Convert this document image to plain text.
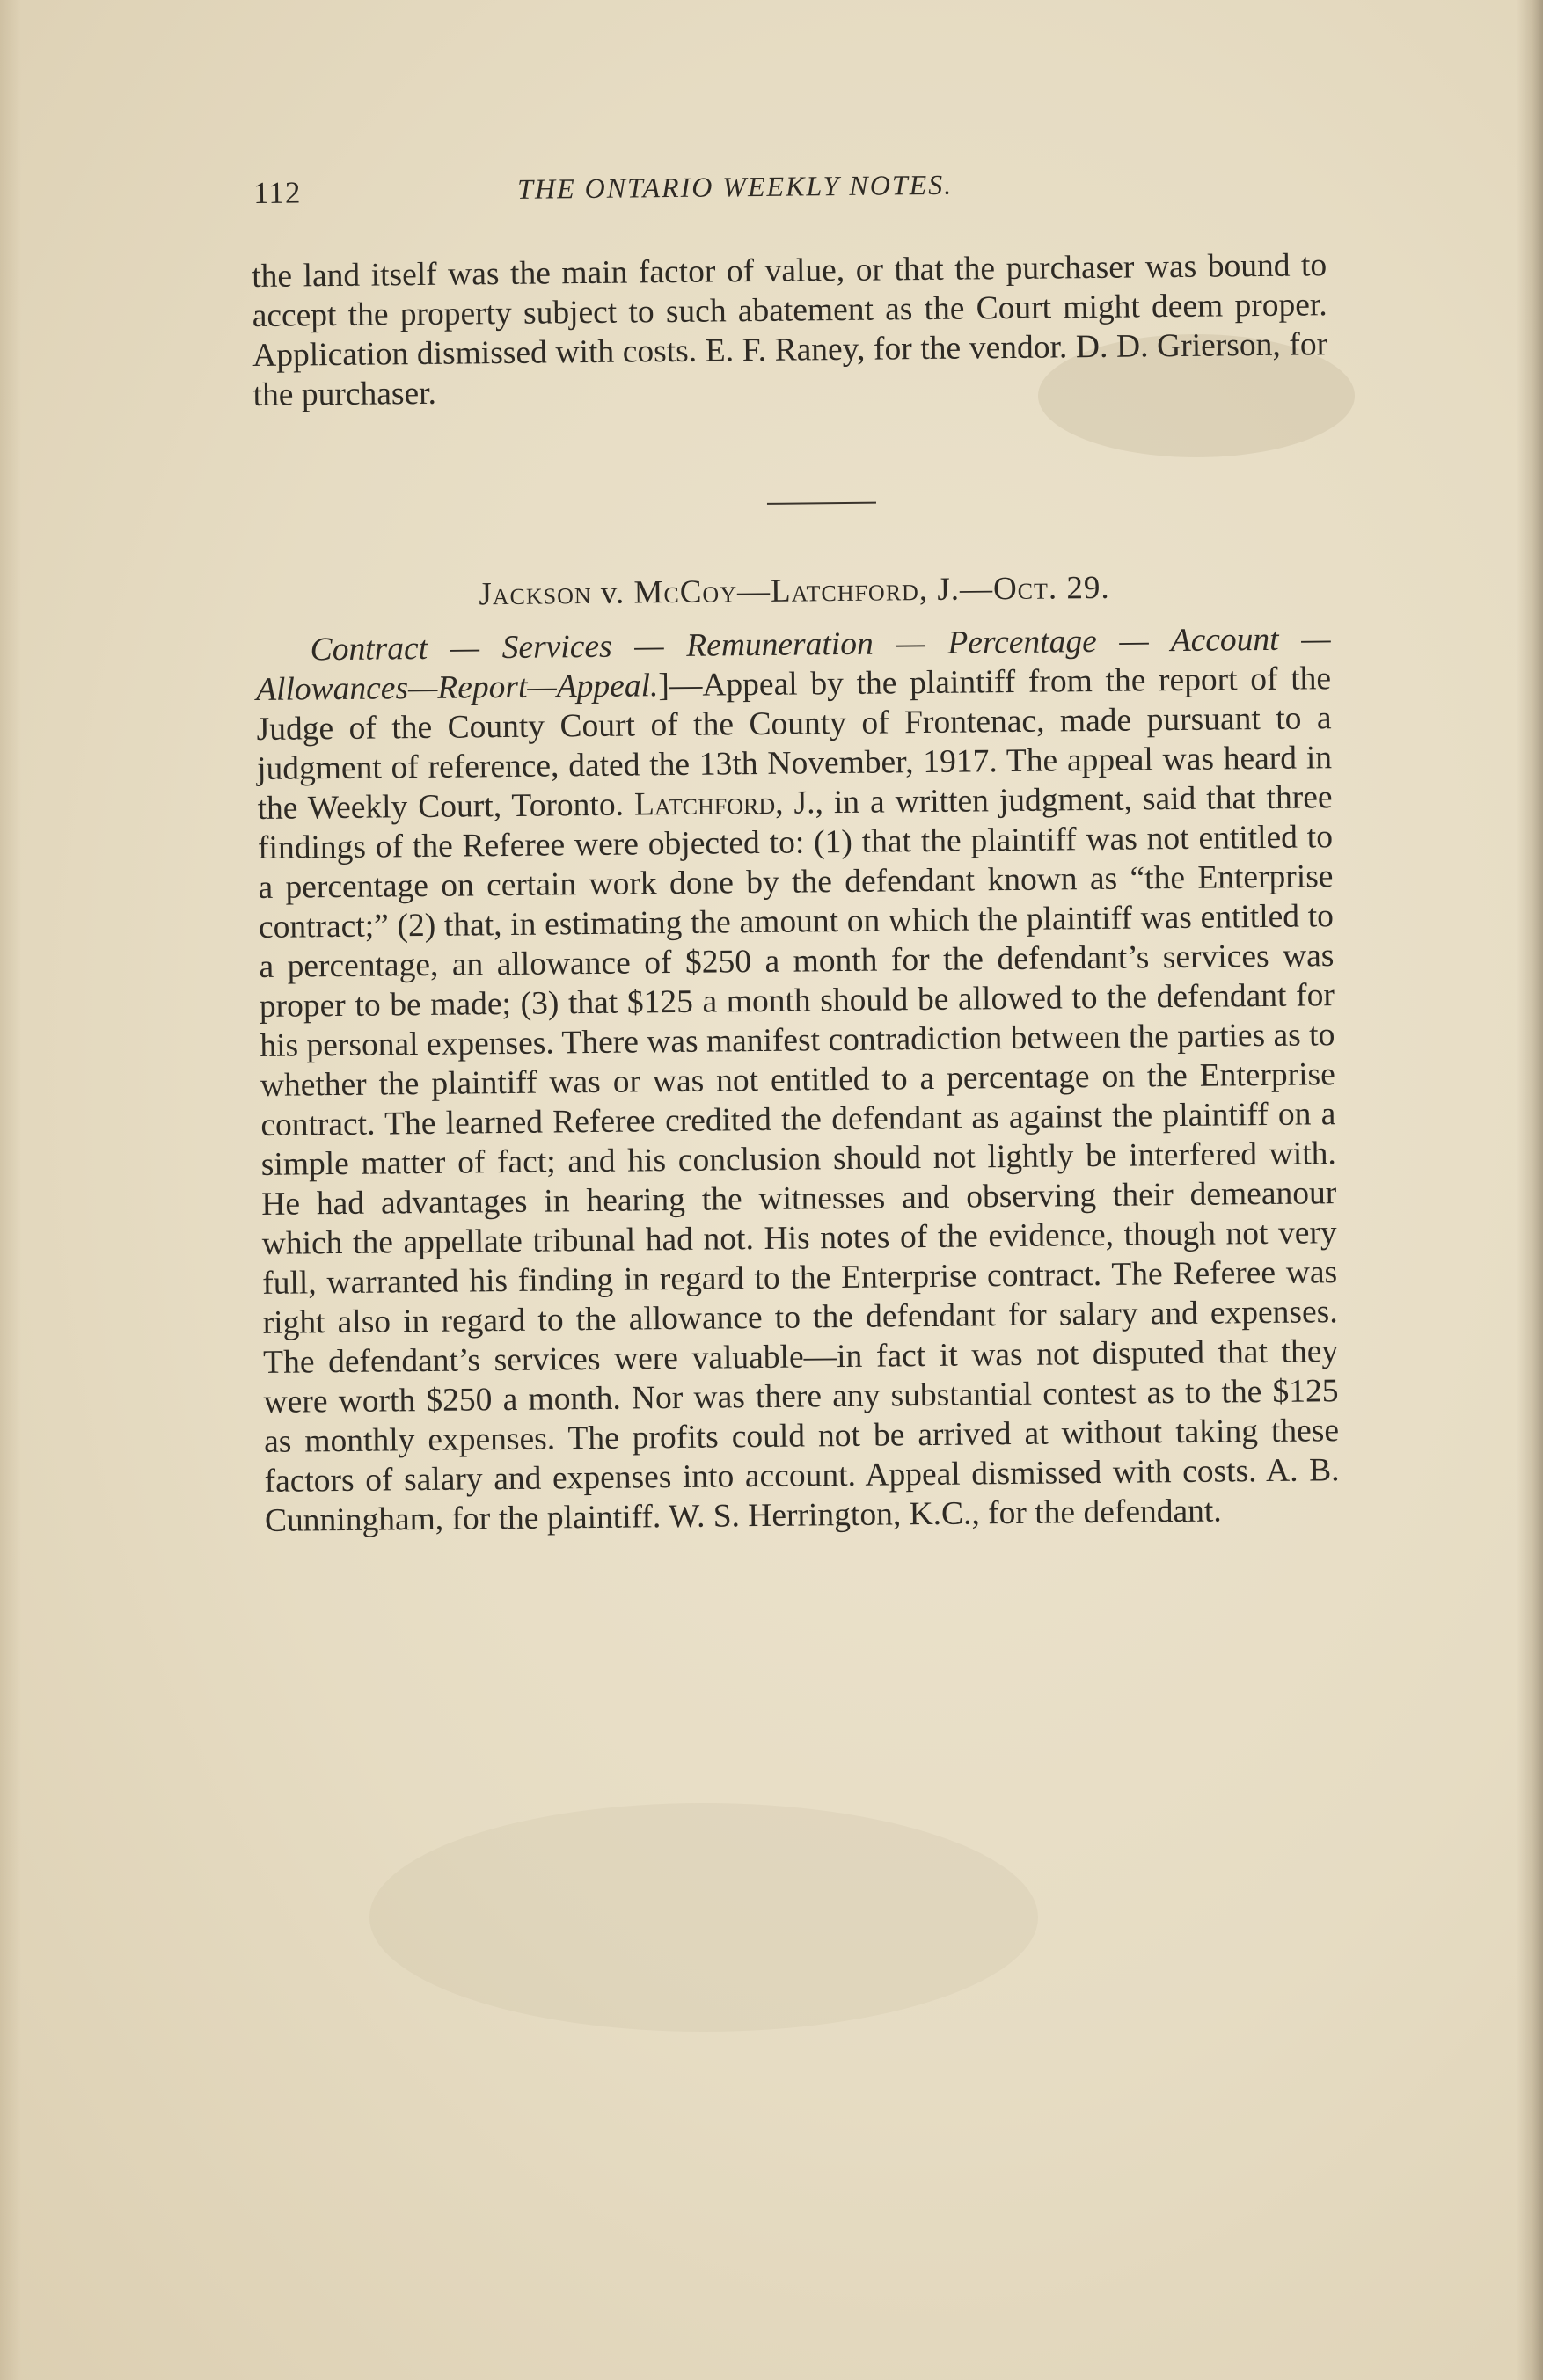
112	THE ONTARIO WEEKLY NOTES.

the land itself was the main factor of value, or that the purchaser was bound to accept the property subject to such abatement as the Court might deem proper. Application dismissed with costs. E. F. Raney, for the vendor. D. D. Grierson, for the purchaser.

Jackson v. McCoy—Latchford, J.—Oct. 29.

Contract — Services — Remuneration — Percentage — Account — Allowances—Report—Appeal.]—Appeal by the plaintiff from the report of the Judge of the County Court of the County of Frontenac, made pursuant to a judgment of reference, dated the 13th November, 1917. The appeal was heard in the Weekly Court, Toronto. Latchford, J., in a written judgment, said that three findings of the Referee were objected to: (1) that the plaintiff was not entitled to a percentage on certain work done by the defendant known as “the Enterprise contract;” (2) that, in estimating the amount on which the plaintiff was entitled to a percentage, an allowance of $250 a month for the defendant’s services was proper to be made; (3) that $125 a month should be allowed to the defendant for his personal expenses. There was manifest contradiction between the parties as to whether the plaintiff was or was not entitled to a percentage on the Enterprise contract. The learned Referee credited the defendant as against the plaintiff on a simple matter of fact; and his conclusion should not lightly be interfered with. He had advantages in hearing the witnesses and observing their demeanour which the appellate tribunal had not. His notes of the evidence, though not very full, warranted his finding in regard to the Enterprise contract. The Referee was right also in regard to the allowance to the defendant for salary and expenses. The defendant’s services were valuable—in fact it was not disputed that they were worth $250 a month. Nor was there any substantial contest as to the $125 as monthly expenses. The profits could not be arrived at without taking these factors of salary and expenses into account. Appeal dismissed with costs. A. B. Cunningham, for the plaintiff. W. S. Herrington, K.C., for the defendant.
